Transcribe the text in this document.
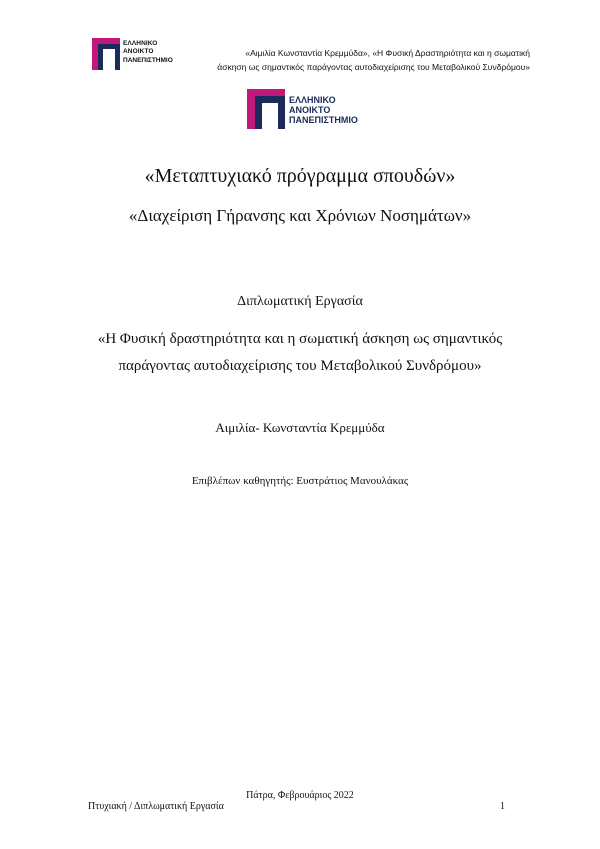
ΕΛΛΗΝΙΚΟ
ΑΝΟΙΚΤΟ
ΠΑΝΕΠΙΣΤΗΜΙΟ
«Αιμιλία Κωνσταντία Κρεμμύδα», «Η Φυσική Δραστηριότητα και η σωματική
άσκηση ως σημαντικός παράγοντας αυτοδιαχείρισης του Μεταβολικού Συνδρόμου»
ΕΛΛΗΝΙΚΟ
ΑΝΟΙΚΤΟ
ΠΑΝΕΠΙΣΤΗΜΙΟ
«Μεταπτυχιακό πρόγραμμα σπουδών»
«Διαχείριση Γήρανσης και Χρόνιων Νοσημάτων»
Διπλωματική Εργασία
«Η Φυσική δραστηριότητα και η σωματική άσκηση ως σημαντικός
παράγοντας αυτοδιαχείρισης του Μεταβολικού Συνδρόμου»
Αιμιλία- Κωνσταντία Κρεμμύδα
Επιβλέπων καθηγητής: Ευστράτιος Μανουλάκας
Πάτρα, Φεβρουάριος 2022
Πτυχιακή / Διπλωματική Εργασία	1
